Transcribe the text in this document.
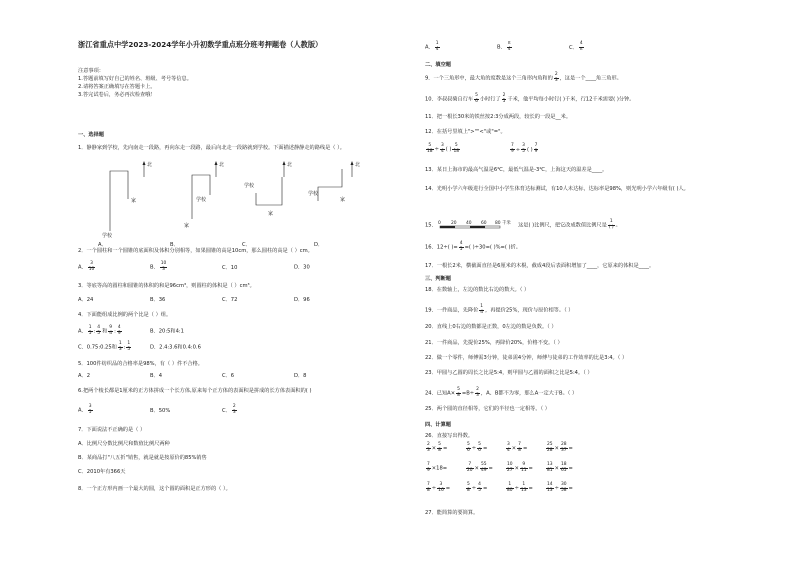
浙江省重点中学2023-2024学年小升初数学重点班分班考押题卷（人教版）
注意事项：
1.答题前填写好自己的姓名、班级、考号等信息。
2.请将答案正确填写在答题卡上。
3.答完试卷后，务必再次检查哦！
一、选择题
1．静静家到学校，先向南走一段路，再向东走一段路，最后向北走一段路就到学校。下面描述静静走的路线是（ ）。
北
家
学校
北
学校
家
北
学校
家
北
学校
家
A．	B．	C．	D．
2．一个圆柱和一个圆锥的底面积及体积分别相等，如果圆锥的高是10cm，那么圆柱的高是（ ）cm。
A． $\frac{3}{10}$	B． $\frac{10}{3}$	C．10	D．30
3．等底等高的圆柱和圆锥的体积的和是96cm³，则圆柱的体积是（ ）cm³。
A．24	B．36	C．72	D．96
4．下面能组成比例的两个比是（ ）组。
A． $\frac{1}{5}$ : $\frac{4}{5}$ 和 $\frac{9}{4}$ : $\frac{4}{9}$	B．20:5和4:1
C．0.75:0.25和 $\frac{1}{3}$ : $\frac{1}{5}$	D．2.4:3.6和0.4:0.6
5．100件纺织品的合格率是98%，有（ ）件不合格。
A．2	B．4	C．6	D．8
6.把两个棱长都是1厘米的正方体拼成一个长方体,原来每个正方体的表面积是拼成的长方体表面积的( )
A． $\frac{3}{5}$	B．50%	C． $\frac{2}{3}$
7．下面说法不正确的是（ ）
A．比例尺分数比例尺和数值比例尺两种
B．某商品打"八五折"销售，就是就是按原价的85%销售
C．2010年有366天
8．一个正方形内画一个最大的圆，这个圆的面积是正方形的（ ）。
A． $\frac{1}{4}$	B． $\frac{\pi}{4}$	C． $\frac{4}{\pi}$
二、填空题
9．一个三角形中，最大角的度数是这个三角形内角和的 $\frac{2}{3}$ ，这是一个____角三角形。
10．李叔叔骑自行车 $\frac{5}{6}$ 小时行了 $\frac{2}{5}$ 千米，他平均每小时行( )千米，行12千米需要( )分钟。
11．把一根长30米的铁丝按2:3分成两段，较长的一段是__米。
12．在括号里填上">""<"或"="。
$\frac{5}{18} \div \frac{3}{4}$ ( ) $\frac{5}{18}$	$\frac{7}{9} \div \frac{3}{5}$ ( ) $\frac{7}{9}$
13．某日上海市的最高气温是6℃，最低气温是-3℃，上海这天的温差是____。
14．光明小学六年级进行全国中小学生体育达标测试，有10人未达标，达标率是98%，则光明小学六年级有( )人。
15． 0 20 40 60 80 千米 这是( )比例尺，把它改成数值比例尺是 $\frac{1}{( )}$ 。
16．12÷( )= $\frac{4}{5}$ =( )÷30=( )%=( )折。
17．一根长2米，横截面直径是6厘米的木棍，截成4段后表面积增加了____，它原来的体积是____。
三、判断题
18．在数轴上，左边的数比右边的数大。（ ）
19．一件商品，先降价 $\frac{1}{4}$ ，再提价25%，现价与原价相等。（ ）
20．直线上0右边的数都是正数，0左边的数是负数。（ ）
21．一件商品，先提价25%，再降价20%，价格不变。（ ）
22．做一个零件，师傅需3分钟，徒弟需4分钟，师傅与徒弟的工作效率的比是3:4。（ ）
23．甲圆与乙圆的周长之比是5:4，则甲圆与乙圆的面积之比是5:4。（ ）
24．已知$A\times \frac{5}{8} =B\div \frac{2}{3}$ ，A、B都不为零，那么A一定大于B。（ ）
25．两个圆的直径相等，它们的半径也一定相等。（ ）
四、计算题
26．直接写出得数。
$\frac{2}{3} \times \frac{5}{8}$ =	$\frac{5}{6} \div \frac{5}{6}$ =	$\frac{3}{4} \times \frac{7}{8}$ =	$\frac{25}{28} \times \frac{28}{37}$ =
$\frac{7}{9} \times 18=$	$\frac{7}{20} \times \frac{55}{49}$ =	$\frac{10}{27} \times \frac{9}{11}$ =	$\frac{13}{81} \times \frac{18}{65}$ =
$\frac{7}{8} \div \frac{3}{16}$ =	$\frac{5}{8} \div \frac{4}{5}$ =	$\frac{1}{80} \div \frac{1}{13}$ =	$\frac{14}{13} \div \frac{30}{58}$ =
27．能简算的要简算。
